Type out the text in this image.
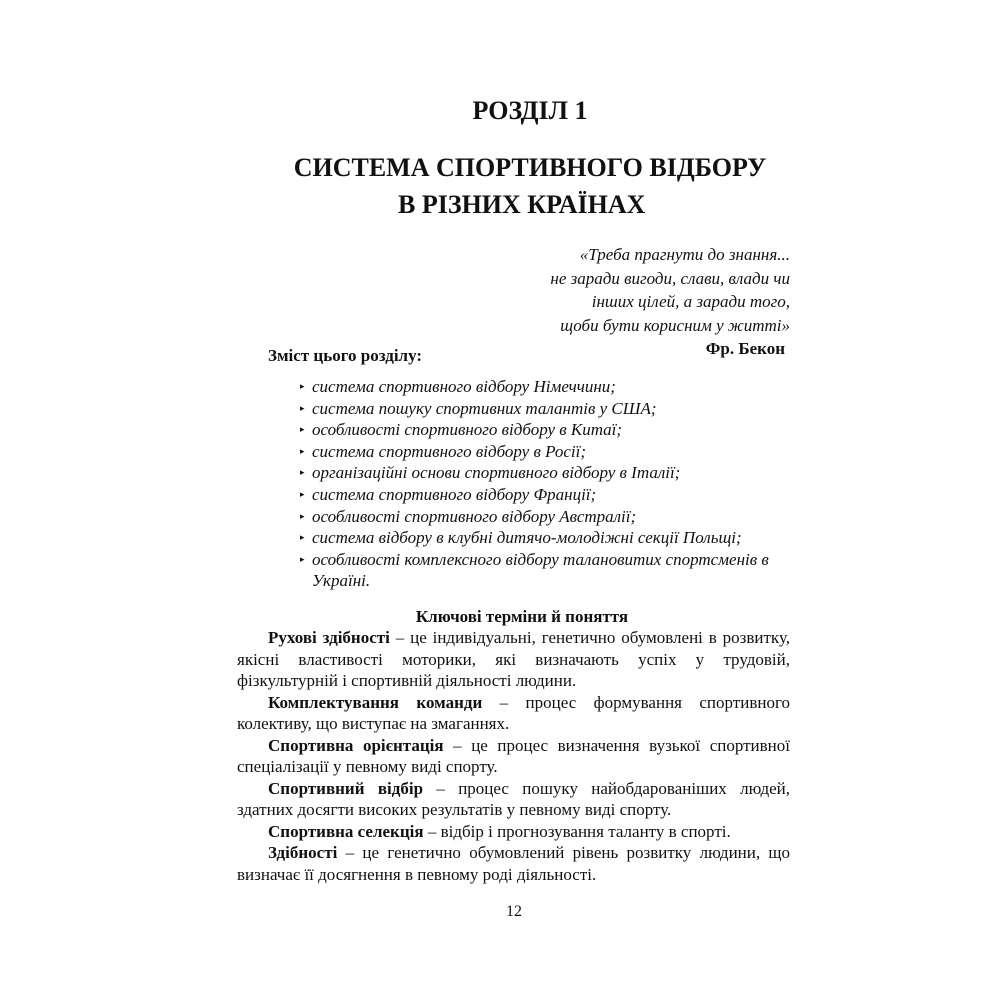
РОЗДІЛ 1
СИСТЕМА СПОРТИВНОГО ВІДБОРУ
В РІЗНИХ КРАЇНАХ
«Треба прагнути до знання...
не заради вигоди, слави, влади чи
інших цілей, а заради того,
щоби бути корисним у житті»
Фр. Бекон
Зміст цього розділу:
▸ система спортивного відбору Німеччини;
▸ система пошуку спортивних талантів у США;
▸ особливості спортивного відбору в Китаї;
▸ система спортивного відбору в Росії;
▸ організаційні основи спортивного відбору в Італії;
▸ система спортивного відбору Франції;
▸ особливості спортивного відбору Австралії;
▸ система відбору в клубні дитячо-молодіжні секції Польщі;
▸ особливості комплексного відбору талановитих спортсменів в Україні.
Ключові терміни й поняття

Рухові здібності – це індивідуальні, генетично обумовлені в розвитку, якісні властивості моторики, які визначають успіх у трудовій, фізкультурній і спортивній діяльності людини.

Комплектування команди – процес формування спортивного колективу, що виступає на змаганнях.

Спортивна орієнтація – це процес визначення вузької спортивної спеціалізації у певному виді спорту.

Спортивний відбір – процес пошуку найобдарованіших людей, здатних досягти високих результатів у певному виді спорту.

Спортивна селекція – відбір і прогнозування таланту в спорті.

Здібності – це генетично обумовлений рівень розвитку людини, що визначає її досягнення в певному роді діяльності.

12
